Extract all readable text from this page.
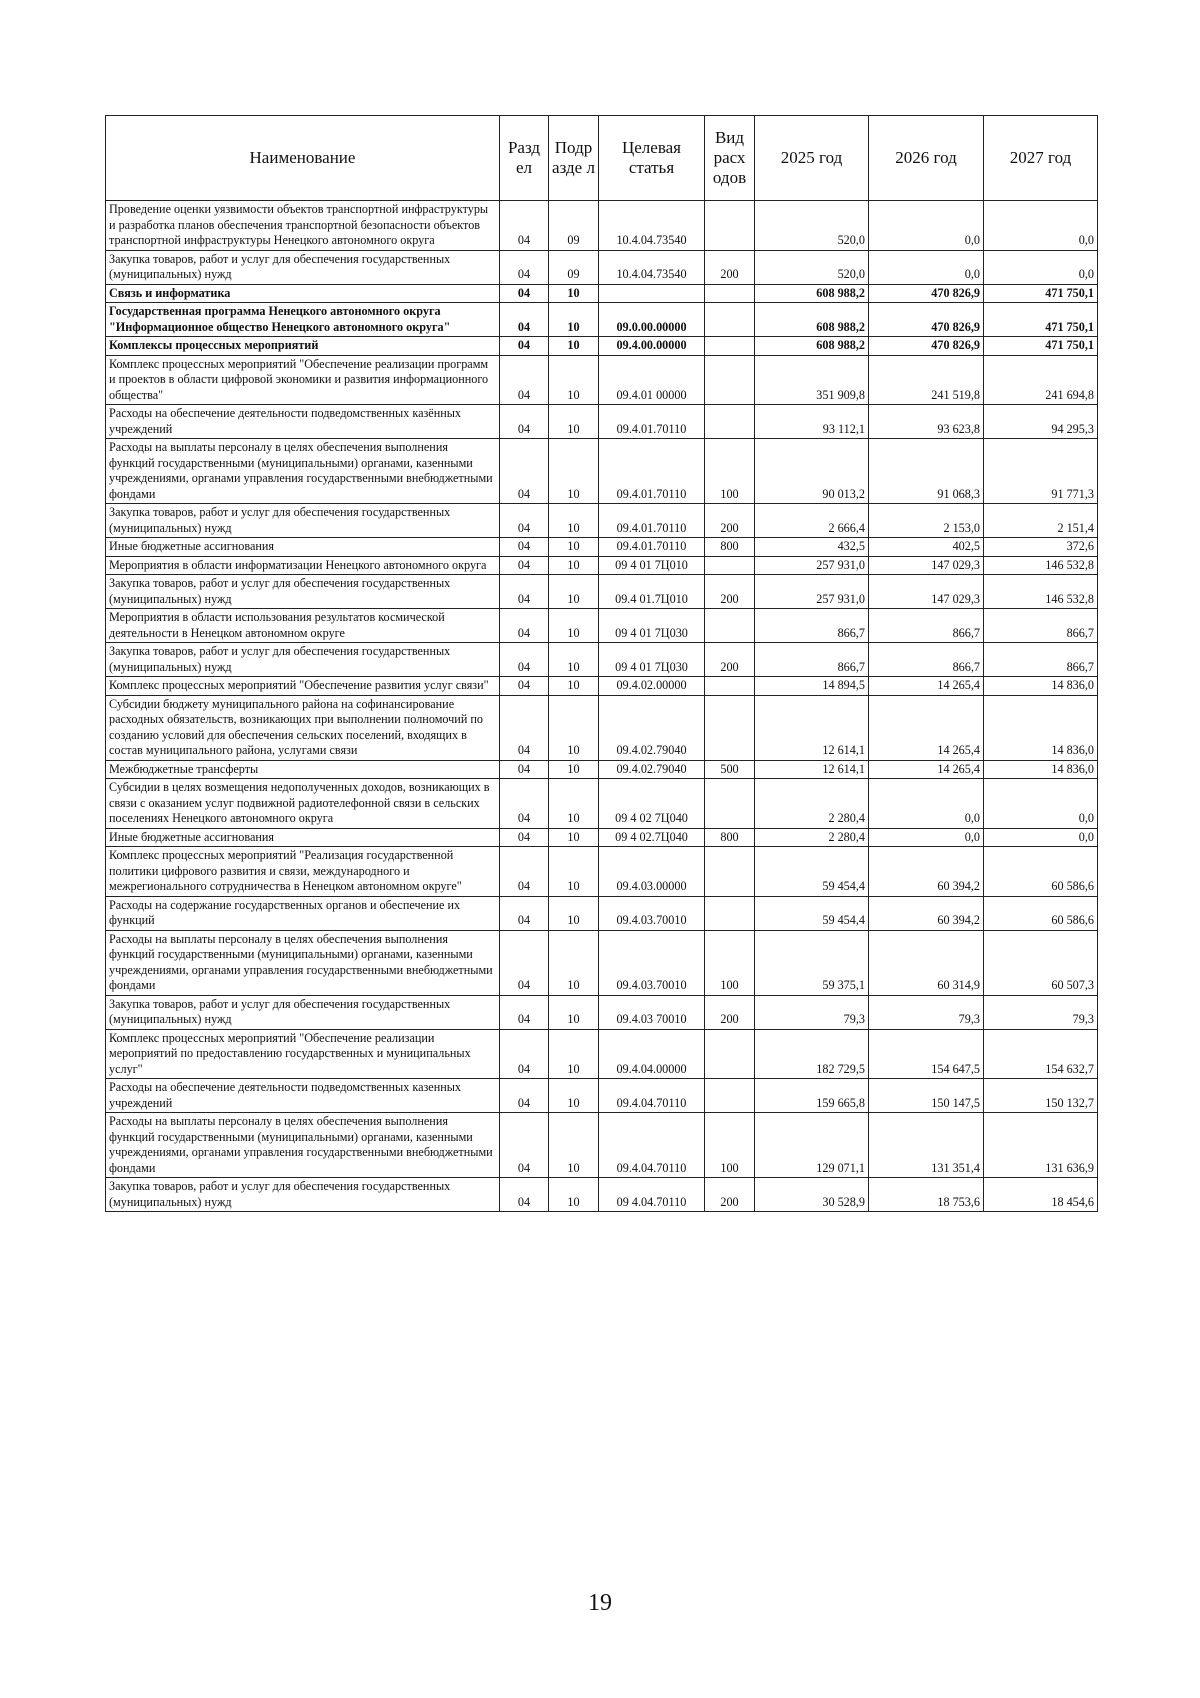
Наименование	Разд ел	Подр азде л	Целевая статья	Вид расх одов	2025 год	2026 год	2027 год
Проведение оценки уязвимости объектов транспортной инфраструктуры и разработка планов обеспечения транспортной безопасности объектов транспортной инфраструктуры Ненецкого автономного округа	04	09	10.4.04.73540		520,0	0,0	0,0
Закупка товаров, работ и услуг для обеспечения государственных (муниципальных) нужд	04	09	10.4.04.73540	200	520,0	0,0	0,0
Связь и информатика	04	10			608 988,2	470 826,9	471 750,1
Государственная программа Ненецкого автономного округа "Информационное общество Ненецкого автономного округа"	04	10	09.0.00.00000		608 988,2	470 826,9	471 750,1
Комплексы процессных мероприятий	04	10	09.4.00.00000		608 988,2	470 826,9	471 750,1
Комплекс процессных мероприятий "Обеспечение реализации программ и проектов в области цифровой экономики и развития информационного общества"	04	10	09.4.01 00000		351 909,8	241 519,8	241 694,8
Расходы на обеспечение деятельности подведомственных казённых учреждений	04	10	09.4.01.70110		93 112,1	93 623,8	94 295,3
Расходы на выплаты персоналу в целях обеспечения выполнения функций государственными (муниципальными) органами, казенными учреждениями, органами управления государственными внебюджетными фондами	04	10	09.4.01.70110	100	90 013,2	91 068,3	91 771,3
Закупка товаров, работ и услуг для обеспечения государственных (муниципальных) нужд	04	10	09.4.01.70110	200	2 666,4	2 153,0	2 151,4
Иные бюджетные ассигнования	04	10	09.4.01.70110	800	432,5	402,5	372,6
Мероприятия в области информатизации Ненецкого автономного округа	04	10	09 4 01 7Ц010		257 931,0	147 029,3	146 532,8
Закупка товаров, работ и услуг для обеспечения государственных (муниципальных) нужд	04	10	09.4 01.7Ц010	200	257 931,0	147 029,3	146 532,8
Мероприятия в области использования результатов космической деятельности в Ненецком автономном округе	04	10	09 4 01 7Ц030		866,7	866,7	866,7
Закупка товаров, работ и услуг для обеспечения государственных (муниципальных) нужд	04	10	09 4 01 7Ц030	200	866,7	866,7	866,7
Комплекс процессных мероприятий "Обеспечение развития услуг связи"	04	10	09.4.02.00000		14 894,5	14 265,4	14 836,0
Субсидии бюджету муниципального района на софинансирование расходных обязательств, возникающих при выполнении полномочий по созданию условий для обеспечения сельских поселений, входящих в состав муниципального района, услугами связи	04	10	09.4.02.79040		12 614,1	14 265,4	14 836,0
Межбюджетные трансферты	04	10	09.4.02.79040	500	12 614,1	14 265,4	14 836,0
Субсидии в целях возмещения недополученных доходов, возникающих в связи с оказанием услуг подвижной радиотелефонной связи в сельских поселениях Ненецкого автономного округа	04	10	09 4 02 7Ц040		2 280,4	0,0	0,0
Иные бюджетные ассигнования	04	10	09 4 02.7Ц040	800	2 280,4	0,0	0,0
Комплекс процессных мероприятий "Реализация государственной политики цифрового развития и связи, международного и межрегионального сотрудничества в Ненецком автономном округе"	04	10	09.4.03.00000		59 454,4	60 394,2	60 586,6
Расходы на содержание государственных органов и обеспечение их функций	04	10	09.4.03.70010		59 454,4	60 394,2	60 586,6
Расходы на выплаты персоналу в целях обеспечения выполнения функций государственными (муниципальными) органами, казенными учреждениями, органами управления государственными внебюджетными фондами	04	10	09.4.03.70010	100	59 375,1	60 314,9	60 507,3
Закупка товаров, работ и услуг для обеспечения государственных (муниципальных) нужд	04	10	09.4.03 70010	200	79,3	79,3	79,3
Комплекс процессных мероприятий "Обеспечение реализации мероприятий по предоставлению государственных и муниципальных услуг"	04	10	09.4.04.00000		182 729,5	154 647,5	154 632,7
Расходы на обеспечение деятельности подведомственных казенных учреждений	04	10	09.4.04.70110		159 665,8	150 147,5	150 132,7
Расходы на выплаты персоналу в целях обеспечения выполнения функций государственными (муниципальными) органами, казенными учреждениями, органами управления государственными внебюджетными фондами	04	10	09.4.04.70110	100	129 071,1	131 351,4	131 636,9
Закупка товаров, работ и услуг для обеспечения государственных (муниципальных) нужд	04	10	09 4.04.70110	200	30 528,9	18 753,6	18 454,6
19
